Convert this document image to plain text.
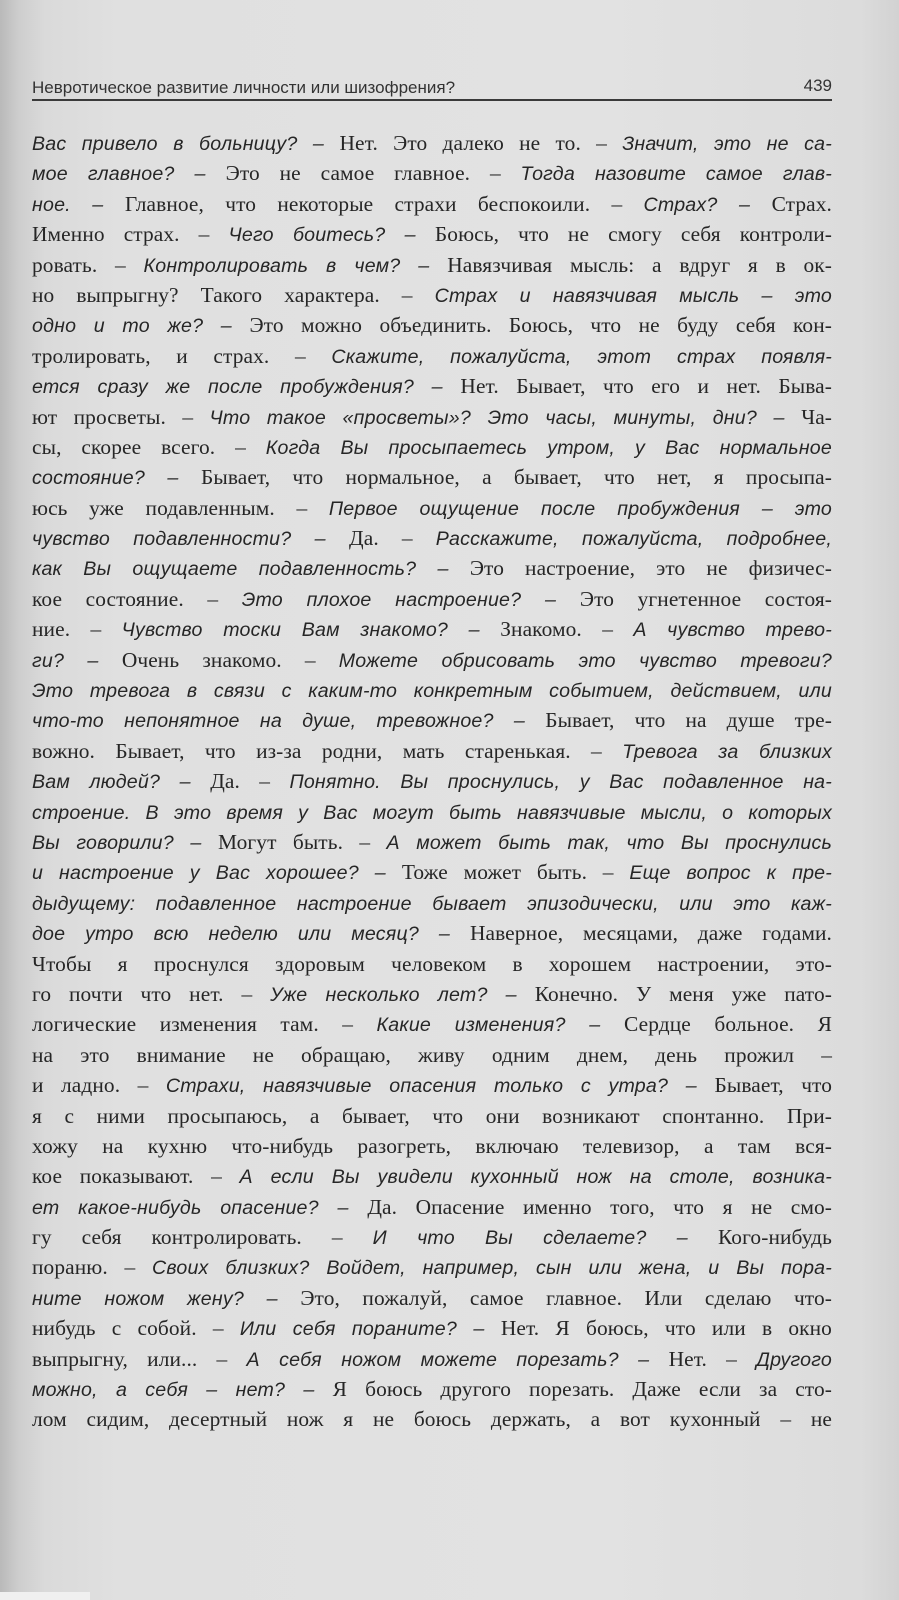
Невротическое развитие личности или шизофрения?	439
Вас привело в больницу? – Нет. Это далеко не то. – Значит, это не са-
мое главное? – Это не самое главное. – Тогда назовите самое глав-
ное. – Главное, что некоторые страхи беспокоили. – Страх? – Страх.
Именно страх. – Чего боитесь? – Боюсь, что не смогу себя контроли-
ровать. – Контролировать в чем? – Навязчивая мысль: а вдруг я в ок-
но выпрыгну? Такого характера. – Страх и навязчивая мысль – это
одно и то же? – Это можно объединить. Боюсь, что не буду себя кон-
тролировать, и страх. – Скажите, пожалуйста, этот страх появля-
ется сразу же после пробуждения? – Нет. Бывает, что его и нет. Быва-
ют просветы. – Что такое «просветы»? Это часы, минуты, дни? – Ча-
сы, скорее всего. – Когда Вы просыпаетесь утром, у Вас нормальное
состояние? – Бывает, что нормальное, а бывает, что нет, я просыпа-
юсь уже подавленным. – Первое ощущение после пробуждения – это
чувство подавленности? – Да. – Расскажите, пожалуйста, подробнее,
как Вы ощущаете подавленность? – Это настроение, это не физичес-
кое состояние. – Это плохое настроение? – Это угнетенное состоя-
ние. – Чувство тоски Вам знакомо? – Знакомо. – А чувство трево-
ги? – Очень знакомо. – Можете обрисовать это чувство тревоги?
Это тревога в связи с каким-то конкретным событием, действием, или
что-то непонятное на душе, тревожное? – Бывает, что на душе тре-
вожно. Бывает, что из-за родни, мать старенькая. – Тревога за близких
Вам людей? – Да. – Понятно. Вы проснулись, у Вас подавленное на-
строение. В это время у Вас могут быть навязчивые мысли, о которых
Вы говорили? – Могут быть. – А может быть так, что Вы проснулись
и настроение у Вас хорошее? – Тоже может быть. – Еще вопрос к пре-
дыдущему: подавленное настроение бывает эпизодически, или это каж-
дое утро всю неделю или месяц? – Наверное, месяцами, даже годами.
Чтобы я проснулся здоровым человеком в хорошем настроении, это-
го почти что нет. – Уже несколько лет? – Конечно. У меня уже пато-
логические изменения там. – Какие изменения? – Сердце больное. Я
на это внимание не обращаю, живу одним днем, день прожил –
и ладно. – Страхи, навязчивые опасения только с утра? – Бывает, что
я с ними просыпаюсь, а бывает, что они возникают спонтанно. При-
хожу на кухню что-нибудь разогреть, включаю телевизор, а там вся-
кое показывают. – А если Вы увидели кухонный нож на столе, возника-
ет какое-нибудь опасение? – Да. Опасение именно того, что я не смо-
гу себя контролировать. – И что Вы сделаете? – Кого-нибудь
пораню. – Своих близких? Войдет, например, сын или жена, и Вы пора-
ните ножом жену? – Это, пожалуй, самое главное. Или сделаю что-
нибудь с собой. – Или себя пораните? – Нет. Я боюсь, что или в окно
выпрыгну, или... – А себя ножом можете порезать? – Нет. – Другого
можно, а себя – нет? – Я боюсь другого порезать. Даже если за сто-
лом сидим, десертный нож я не боюсь держать, а вот кухонный – не
